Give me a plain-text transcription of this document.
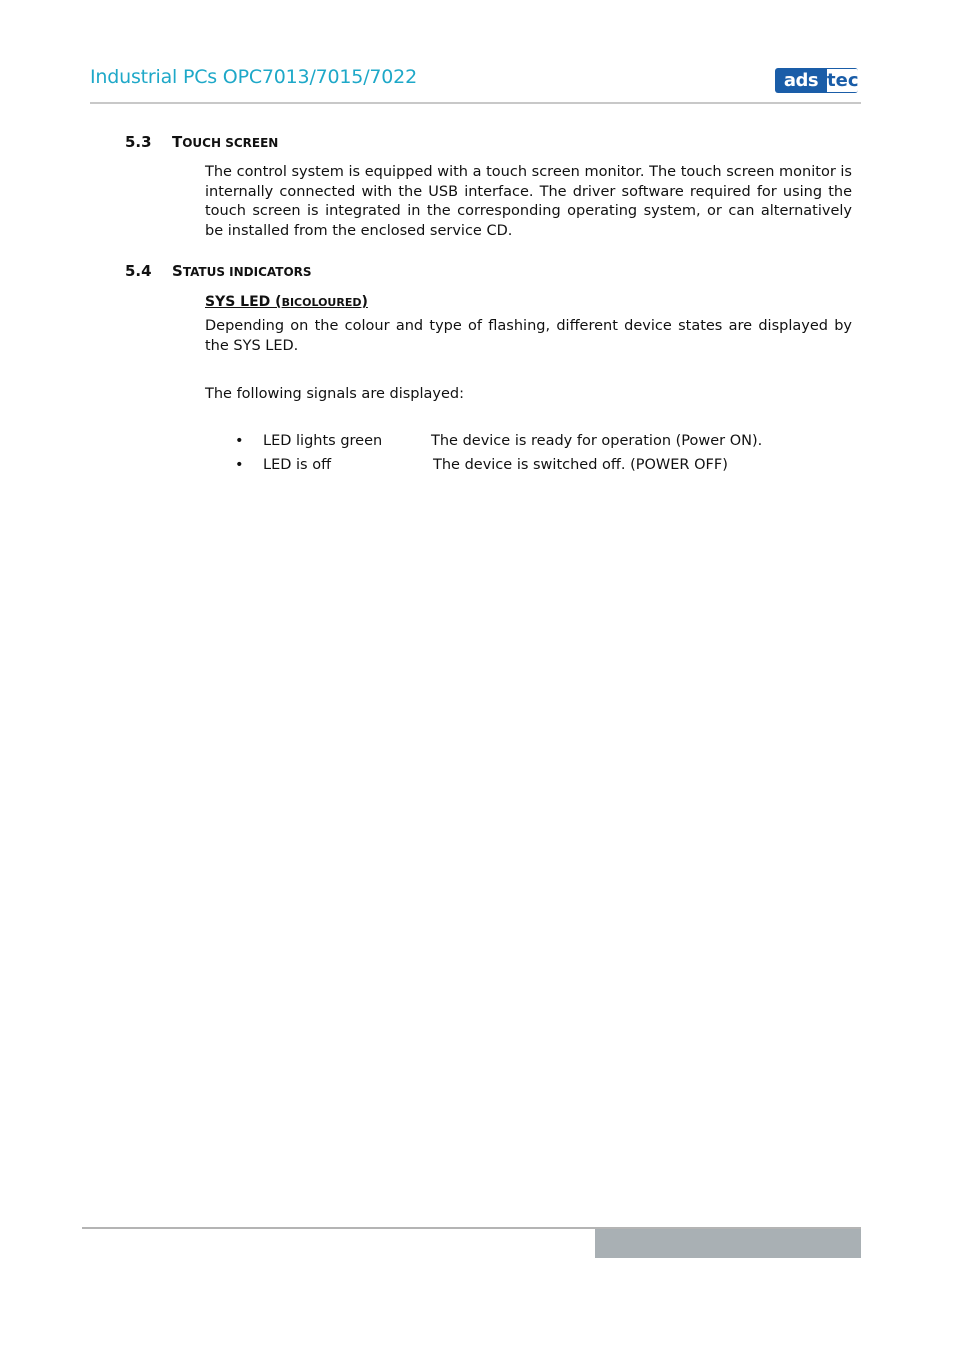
Industrial PCs OPC7013/7015/7022	ads tec
5.3 TOUCH SCREEN
The control system is equipped with a touch screen monitor. The touch screen monitor is internally connected with the USB interface. The driver software required for using the touch screen is integrated in the corresponding operating system, or can alternatively be installed from the enclosed service CD.
5.4 STATUS INDICATORS
SYS LED (BICOLOURED)
Depending on the colour and type of flashing, different device states are displayed by the SYS LED.
The following signals are displayed:
• LED lights green	The device is ready for operation (Power ON).
• LED is off	The device is switched off. (POWER OFF)
